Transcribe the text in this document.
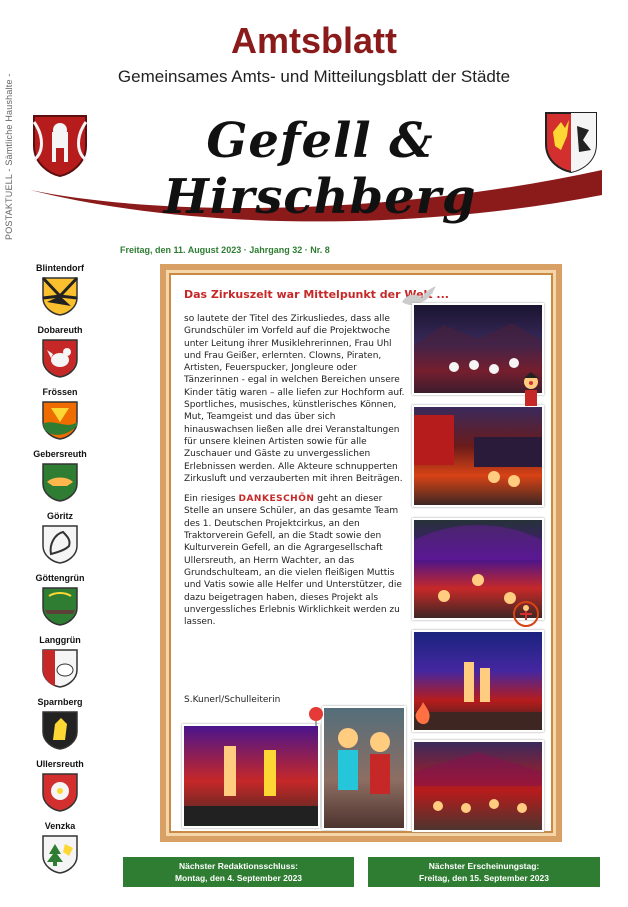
POSTAKTUELL - Sämtliche Haushalte -
Amtsblatt
Gemeinsames Amts- und Mitteilungsblatt der Städte
Gefell & Hirschberg
Freitag, den 11. August 2023 · Jahrgang 32 · Nr. 8
Blintendorf
Dobareuth
Frössen
Gebersreuth
Göritz
Göttengrün
Langgrün
Sparnberg
Ullersreuth
Venzka
Das Zirkuszelt war Mittelpunkt der Welt ...

so lautete der Titel des Zirkusliedes, dass alle Grundschüler im Vorfeld auf die Projektwoche unter Leitung ihrer Musiklehrerinnen, Frau Uhl und Frau Geißer, erlernten. Clowns, Piraten, Artisten, Feuerspucker, Jongleure oder Tänzerinnen - egal in welchen Bereichen unsere Kinder tätig waren – alle liefen zur Hochform auf. Sportliches, musisches, künstlerisches Können, Mut, Teamgeist und das über sich hinauswachsen ließen alle drei Veranstaltungen für unsere kleinen Artisten sowie für alle Zuschauer und Gäste zu unvergesslichen Erlebnissen werden. Alle Akteure schnupperten Zirkusluft und verzauberten mit ihren Beiträgen.

Ein riesiges DANKESCHÖN geht an dieser Stelle an unsere Schüler, an das gesamte Team des 1. Deutschen Projektcirkus, an den Traktorverein Gefell, an die Stadt sowie den Kulturverein Gefell, an die Agrargesellschaft Ullersreuth, an Herrn Wachter, an das Grundschulteam, an die vielen fleißigen Muttis und Vatis sowie alle Helfer und Unterstützer, die dazu beigetragen haben, dieses Projekt als unvergessliches Erlebnis Wirklichkeit werden zu lassen.

S.Kunerl/Schulleiterin
Nächster Redaktionsschluss:
Montag, den 4. September 2023
Nächster Erscheinungstag:
Freitag, den 15. September 2023
